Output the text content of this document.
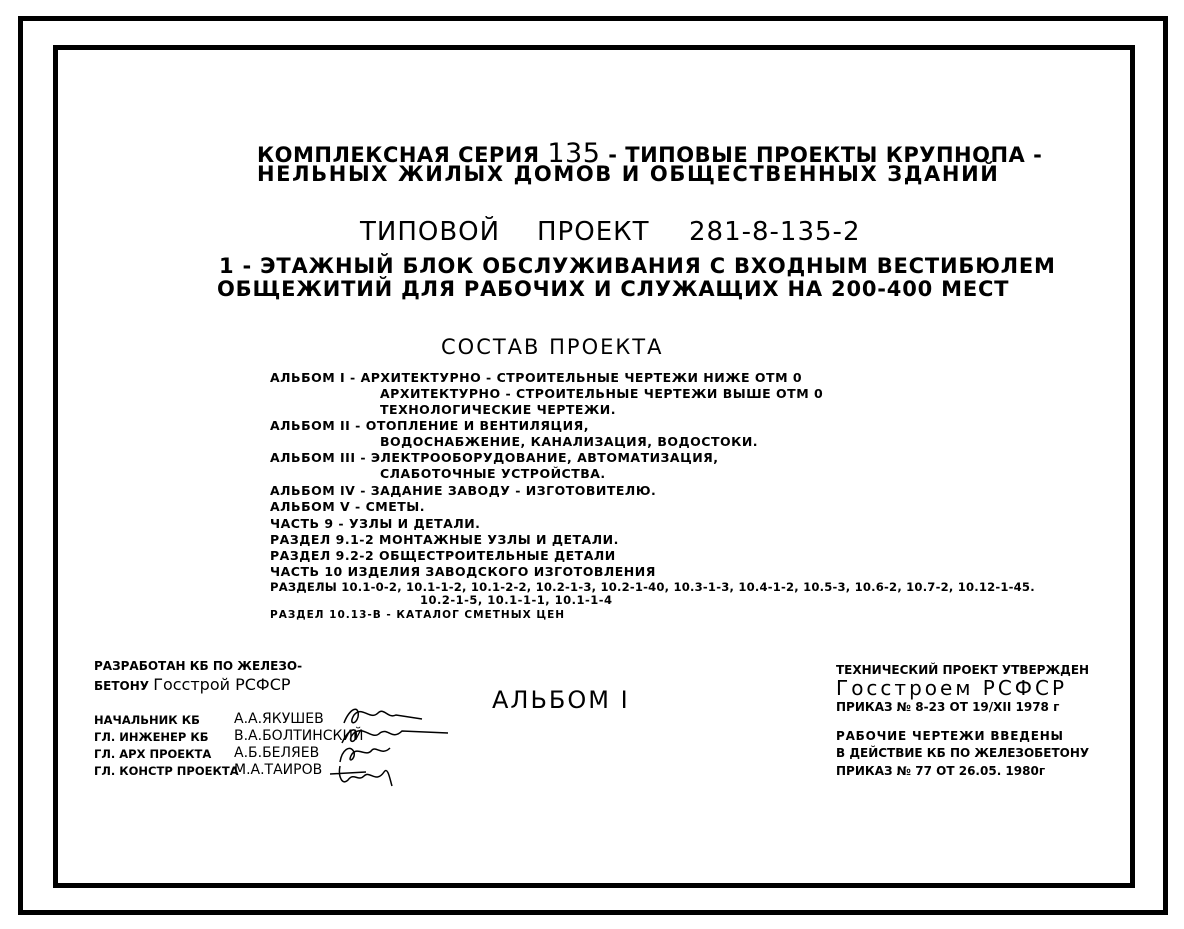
КОМПЛЕКСНАЯ СЕРИЯ 135 - ТИПОВЫЕ ПРОЕКТЫ КРУПНОПА -
НЕЛЬНЫХ ЖИЛЫХ ДОМОВ И ОБЩЕСТВЕННЫХ ЗДАНИЙ
ТИПОВОЙ ПРОЕКТ 281-8-135-2
1 - ЭТАЖНЫЙ БЛОК ОБСЛУЖИВАНИЯ С ВХОДНЫМ ВЕСТИБЮЛЕМ
ОБЩЕЖИТИЙ ДЛЯ РАБОЧИХ И СЛУЖАЩИХ НА 200-400 МЕСТ
СОСТАВ ПРОЕКТА
АЛЬБОМ I - АРХИТЕКТУРНО - СТРОИТЕЛЬНЫЕ ЧЕРТЕЖИ НИЖЕ ОТМ 0
АРХИТЕКТУРНО - СТРОИТЕЛЬНЫЕ ЧЕРТЕЖИ ВЫШЕ ОТМ 0
ТЕХНОЛОГИЧЕСКИЕ ЧЕРТЕЖИ.
АЛЬБОМ II - ОТОПЛЕНИЕ И ВЕНТИЛЯЦИЯ,
ВОДОСНАБЖЕНИЕ, КАНАЛИЗАЦИЯ, ВОДОСТОКИ.
АЛЬБОМ III - ЭЛЕКТРООБОРУДОВАНИЕ, АВТОМАТИЗАЦИЯ,
СЛАБОТОЧНЫЕ УСТРОЙСТВА.
АЛЬБОМ IV - ЗАДАНИЕ ЗАВОДУ - ИЗГОТОВИТЕЛЮ.
АЛЬБОМ V - СМЕТЫ.
ЧАСТЬ 9 - УЗЛЫ И ДЕТАЛИ.
РАЗДЕЛ 9.1-2 МОНТАЖНЫЕ УЗЛЫ И ДЕТАЛИ.
РАЗДЕЛ 9.2-2 ОБЩЕСТРОИТЕЛЬНЫЕ ДЕТАЛИ
ЧАСТЬ 10 ИЗДЕЛИЯ ЗАВОДСКОГО ИЗГОТОВЛЕНИЯ
РАЗДЕЛЫ 10.1-0-2, 10.1-1-2, 10.1-2-2, 10.2-1-3, 10.2-1-40, 10.3-1-3, 10.4-1-2, 10.5-3, 10.6-2, 10.7-2, 10.12-1-45.
10.2-1-5, 10.1-1-1, 10.1-1-4
РАЗДЕЛ 10.13-В - КАТАЛОГ СМЕТНЫХ ЦЕН
РАЗРАБОТАН КБ ПО ЖЕЛЕЗО-
БЕТОНУ Госстрой РСФСР
НАЧАЛЬНИК КБ А.А.ЯКУШЕВ
ГЛ. ИНЖЕНЕР КБ В.А.БОЛТИНСКИЙ
ГЛ. АРХ ПРОЕКТА А.Б.БЕЛЯЕВ
ГЛ. КОНСТР ПРОЕКТА
М.А.ТАИРОВ
АЛЬБОМ I
ТЕХНИЧЕСКИЙ ПРОЕКТ УТВЕРЖДЕН
Госстроем РСФСР
ПРИКАЗ № 8-23 ОТ 19/XII 1978 г
РАБОЧИЕ ЧЕРТЕЖИ ВВЕДЕНЫ
В ДЕЙСТВИЕ КБ ПО ЖЕЛЕЗОБЕТОНУ
ПРИКАЗ № 77 ОТ 26.05. 1980г
